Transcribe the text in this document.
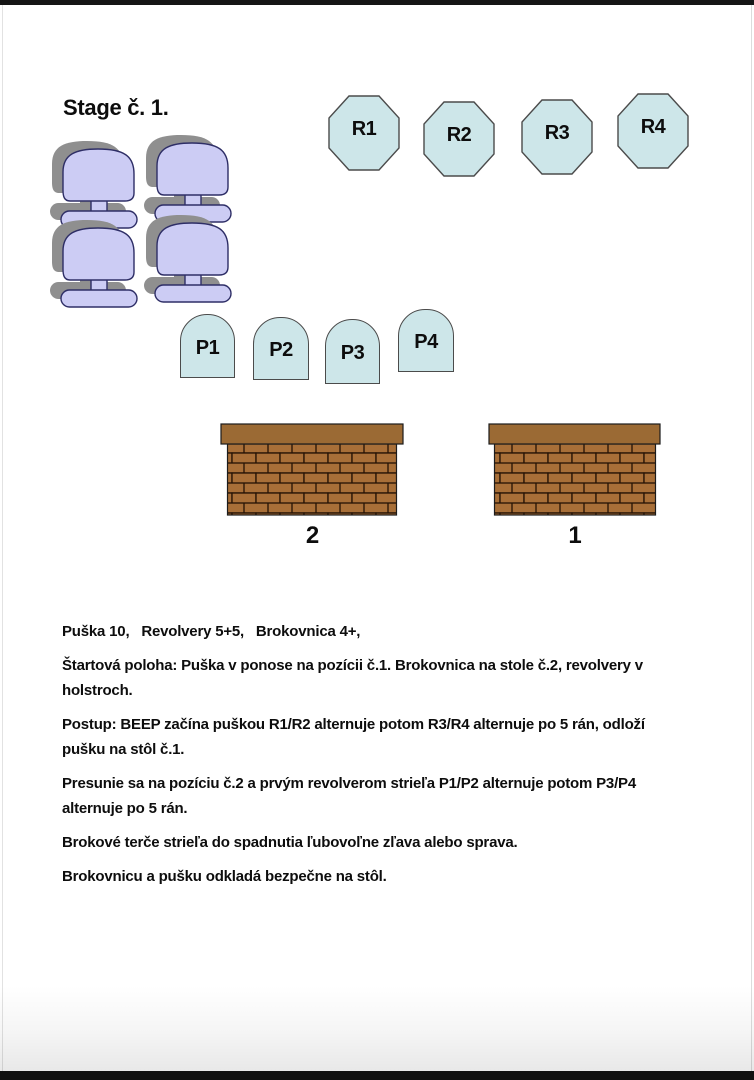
Stage č. 1.
R1	R2	R3	R4
P1	P2 P3	P4
2	1

Puška 10,   Revolvery 5+5,   Brokovnica 4+,

Štartová poloha: Puška v ponose na pozícii č.1. Brokovnica na stole č.2, revolvery v
holstroch.

Postup: BEEP začína puškou R1/R2 alternuje potom R3/R4 alternuje po 5 rán, odloží
pušku na stôl č.1.

Presunie sa na pozíciu č.2 a prvým revolverom strieľa P1/P2 alternuje potom P3/P4
alternuje po 5 rán.

Brokové terče strieľa do spadnutia ľubovoľne zľava alebo sprava.

Brokovnicu a pušku odkladá bezpečne na stôl.
